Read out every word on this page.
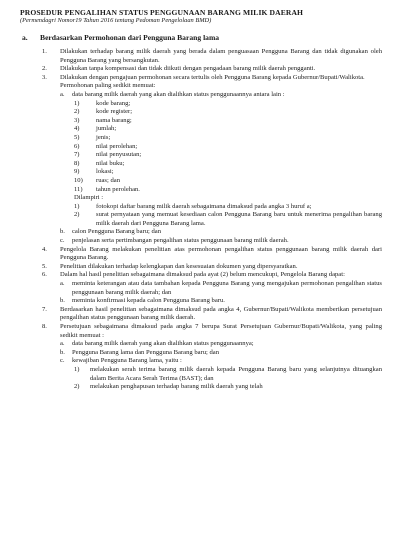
PROSEDUR PENGALIHAN STATUS PENGGUNAAN BARANG MILIK DAERAH
(Permendagri Nomor19 Tahun 2016 tentang Pedoman Pengelolaan BMD)
a.	Berdasarkan Permohonan dari Pengguna Barang lama
1.	Dilakukan terhadap barang milik daerah yang berada dalam penguasaan Pengguna Barang dan tidak digunakan oleh Pengguna Barang yang bersangkutan.
2.	Dilakukan tanpa kompensasi dan tidak diikuti dengan pengadaan barang milik daerah pengganti.
3.	Dilakukan dengan pengajuan permohonan secara tertulis oleh Pengguna Barang kepada Gubernur/Bupati/Walikota.
Permohonan paling sedikit memuat:
a.	data barang milik daerah yang akan dialihkan status penggunaannya antara lain :
1)	kode barang;
2)	kode register;
3)	nama barang;
4)	jumlah;
5)	jenis;
6)	nilai perolehan;
7)	nilai penyusutan;
8)	nilai buku;
9)	lokasi;
10)	ruas; dan
11)	tahun perolehan.
Dilampiri :
1)	fotokopi daftar barang milik daerah sebagaimana dimaksud pada angka 3 huruf a;
2)	surat pernyataan yang memuat kesediaan calon Pengguna Barang baru untuk menerima pengalihan barang milik daerah dari Pengguna Barang lama.
b.	calon Pengguna Barang baru; dan
c.	penjelasan serta pertimbangan pengalihan status penggunaan barang milik daerah.
4.	Pengelola Barang melakukan penelitian atas permohonan pengalihan status penggunaan barang milik daerah dari Pengguna Barang.
5.	Penelitian dilakukan terhadap kelengkapan dan kesesuaian dokumen yang dipersyaratkan.
6.	Dalam hal hasil penelitian sebagaimana dimaksud pada ayat (2) belum mencukupi, Pengelola Barang dapat:
a.	meminta keterangan atau data tambahan kepada Pengguna Barang yang mengajukan permohonan pengalihan status penggunaan barang milik daerah; dan
b.	meminta konfirmasi kepada calon Pengguna Barang baru.
7.	Berdasarkan hasil penelitian sebagaimana dimaksud pada angka 4, Gubernur/Bupati/Walikota memberikan persetujuan pengalihan status penggunaan barang milik daerah.
8.	Persetujuan sebagaimana dimaksud pada angka 7 berupa Surat Persetujuan Gubernur/Bupati/Walikota, yang paling sedikit memuat :
a.	data barang milik daerah yang akan dialihkan status penggunaannya;
b.	Pengguna Barang lama dan Pengguna Barang baru; dan
c.	kewajiban Pengguna Barang lama, yaitu :
1)	melakukan serah terima barang milik daerah kepada Pengguna Barang baru yang selanjutnya dituangkan dalam Berita Acara Serah Terima (BAST); dan
2)	melakukan penghapusan terhadap barang milik daerah yang telah
